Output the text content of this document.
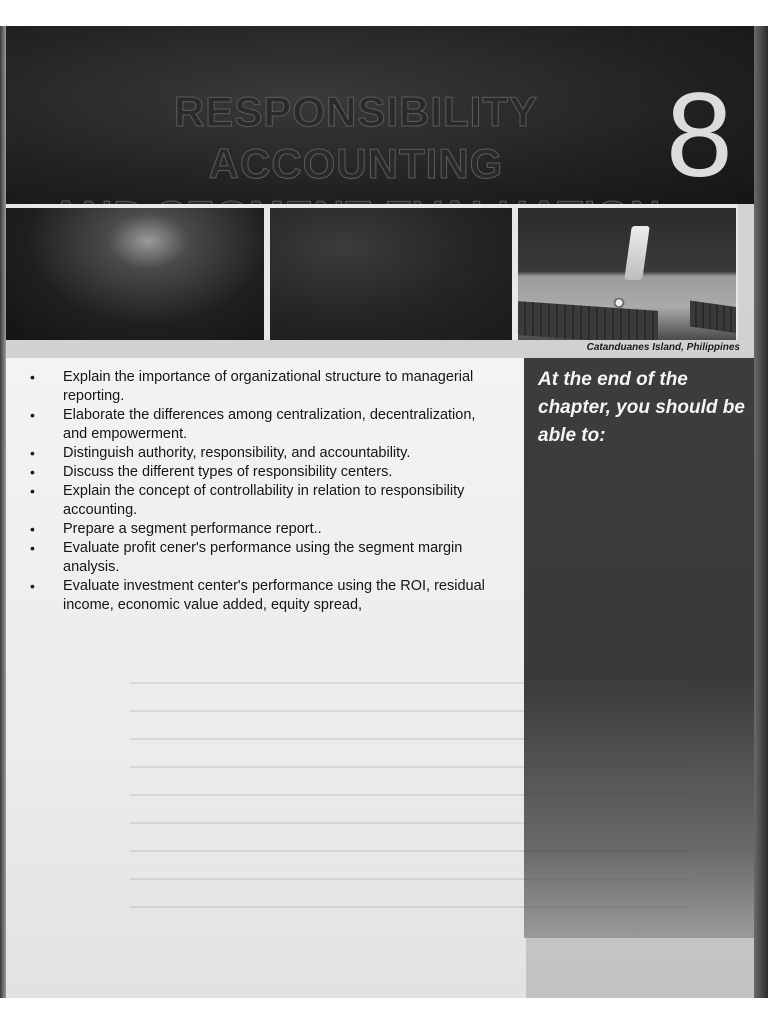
RESPONSIBILITY ACCOUNTING	8
Catanduanes Island, Philippines
At the end of the chapter, you should be able to:
•	Explain the importance of organizational structure to managerial reporting.
•	Elaborate the differences among centralization, decentralization, and empowerment.
•	Distinguish authority, responsibility, and accountability.
•	Discuss the different types of responsibility centers.
•	Explain the concept of controllability in relation to responsibility accounting.
•	Prepare a segment performance report..
•	Evaluate profit cener's performance using the segment margin analysis.
•	Evaluate investment center's performance using the ROI, residual income, economic value added, equity spread,
